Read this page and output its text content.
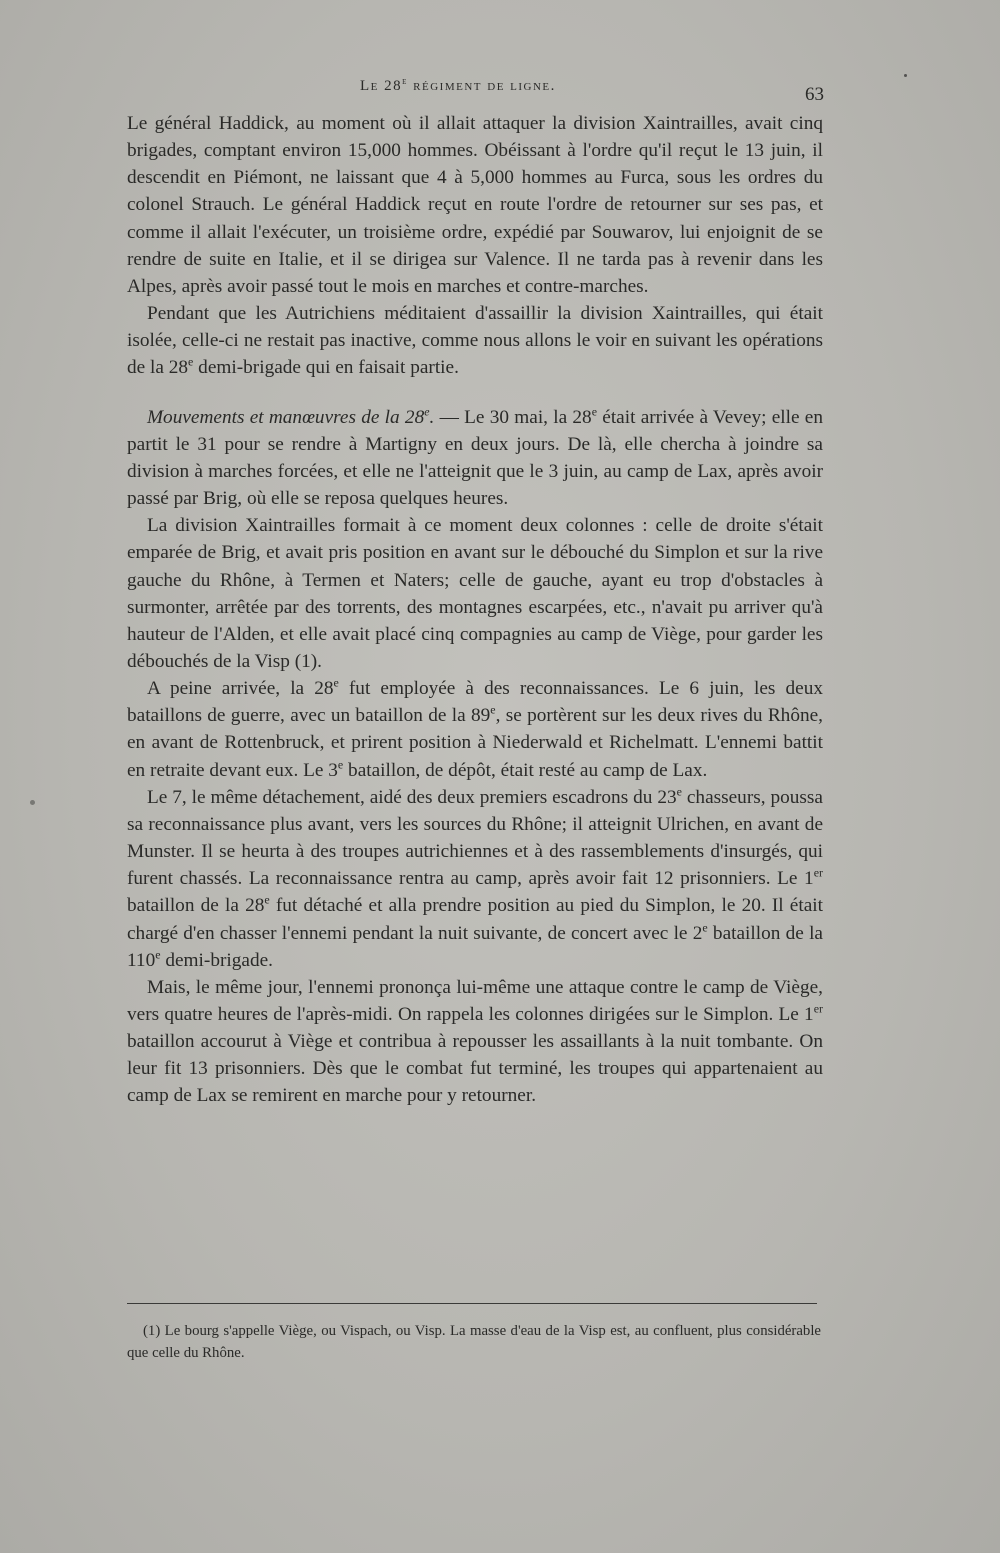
Le 28e régiment de ligne.	63

Le général Haddick, au moment où il allait attaquer la division Xaintrailles, avait cinq brigades, comptant environ 15,000 hommes. Obéissant à l'ordre qu'il reçut le 13 juin, il descendit en Piémont, ne laissant que 4 à 5,000 hommes au Furca, sous les ordres du colonel Strauch. Le général Haddick reçut en route l'ordre de retourner sur ses pas, et comme il allait l'exécuter, un troisième ordre, expédié par Souwarov, lui enjoignit de se rendre de suite en Italie, et il se dirigea sur Valence. Il ne tarda pas à revenir dans les Alpes, après avoir passé tout le mois en marches et contre-marches.

Pendant que les Autrichiens méditaient d'assaillir la division Xaintrailles, qui était isolée, celle-ci ne restait pas inactive, comme nous allons le voir en suivant les opérations de la 28e demi-brigade qui en faisait partie.

Mouvements et manœuvres de la 28e. — Le 30 mai, la 28e était arrivée à Vevey; elle en partit le 31 pour se rendre à Martigny en deux jours. De là, elle chercha à joindre sa division à marches forcées, et elle ne l'atteignit que le 3 juin, au camp de Lax, après avoir passé par Brig, où elle se reposa quelques heures.

La division Xaintrailles formait à ce moment deux colonnes : celle de droite s'était emparée de Brig, et avait pris position en avant sur le débouché du Simplon et sur la rive gauche du Rhône, à Termen et Naters; celle de gauche, ayant eu trop d'obstacles à surmonter, arrêtée par des torrents, des montagnes escarpées, etc., n'avait pu arriver qu'à hauteur de l'Alden, et elle avait placé cinq compagnies au camp de Viège, pour garder les débouchés de la Visp (1).

A peine arrivée, la 28e fut employée à des reconnaissances. Le 6 juin, les deux bataillons de guerre, avec un bataillon de la 89e, se portèrent sur les deux rives du Rhône, en avant de Rottenbruck, et prirent position à Niederwald et Richelmatt. L'ennemi battit en retraite devant eux. Le 3e bataillon, de dépôt, était resté au camp de Lax.

Le 7, le même détachement, aidé des deux premiers escadrons du 23e chasseurs, poussa sa reconnaissance plus avant, vers les sources du Rhône; il atteignit Ulrichen, en avant de Munster. Il se heurta à des troupes autrichiennes et à des rassemblements d'insurgés, qui furent chassés. La reconnaissance rentra au camp, après avoir fait 12 prisonniers. Le 1er bataillon de la 28e fut détaché et alla prendre position au pied du Simplon, le 20. Il était chargé d'en chasser l'ennemi pendant la nuit suivante, de concert avec le 2e bataillon de la 110e demi-brigade.

Mais, le même jour, l'ennemi prononça lui-même une attaque contre le camp de Viège, vers quatre heures de l'après-midi. On rappela les colonnes dirigées sur le Simplon. Le 1er bataillon accourut à Viège et contribua à repousser les assaillants à la nuit tombante. On leur fit 13 prisonniers. Dès que le combat fut terminé, les troupes qui appartenaient au camp de Lax se remirent en marche pour y retourner.

(1) Le bourg s'appelle Viège, ou Vispach, ou Visp. La masse d'eau de la Visp est, au confluent, plus considérable que celle du Rhône.
